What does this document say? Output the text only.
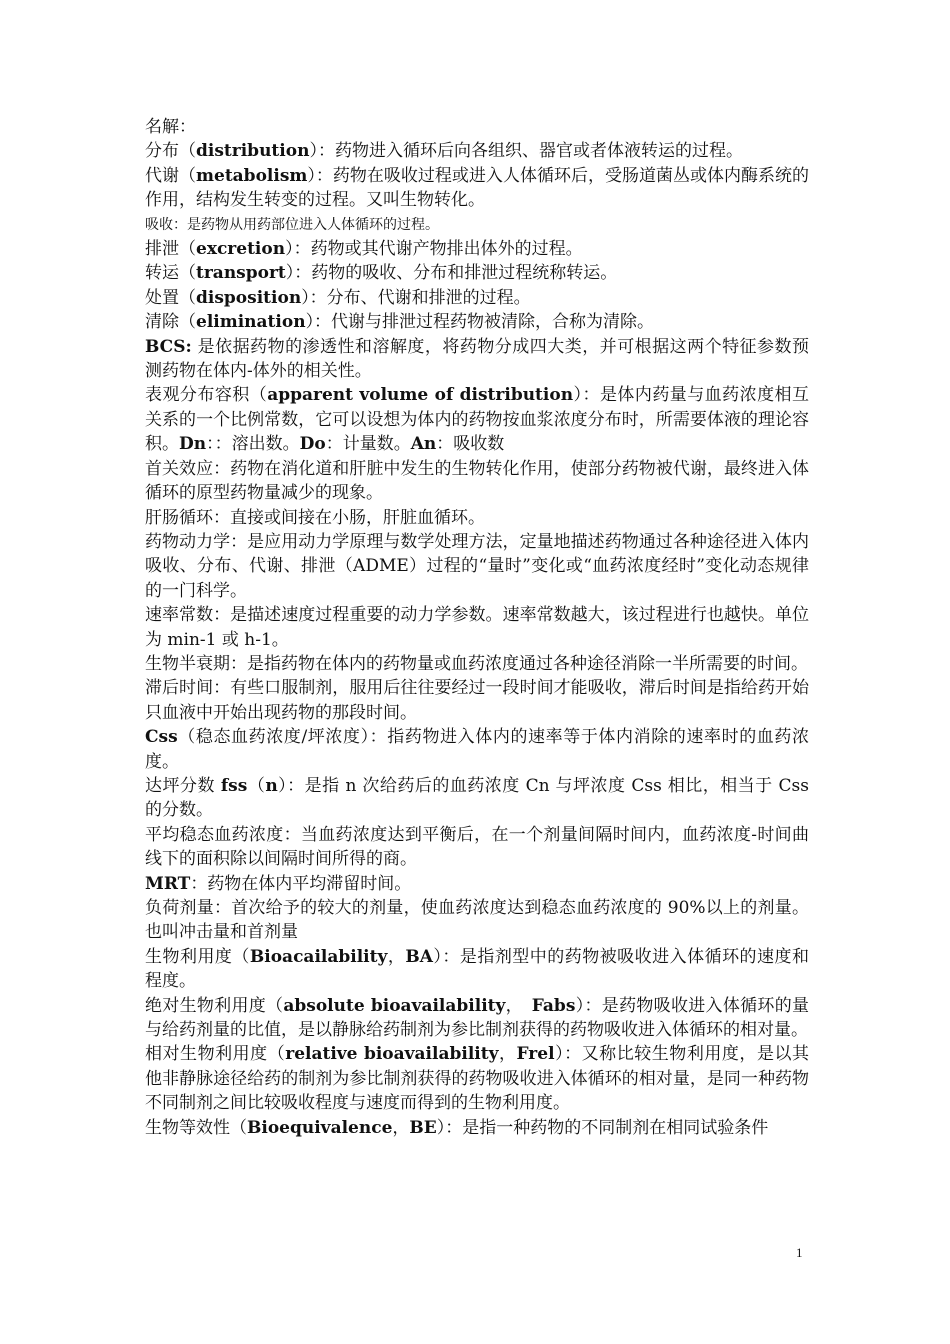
名解：

分布（distribution）：药物进入循环后向各组织、器官或者体液转运的过程。

代谢（metabolism）：药物在吸收过程或进入人体循环后，受肠道菌丛或体内酶系统的作用，结构发生转变的过程。又叫生物转化。

吸收：是药物从用药部位进入人体循环的过程。

排泄（excretion）：药物或其代谢产物排出体外的过程。

转运（transport）：药物的吸收、分布和排泄过程统称转运。

处置（disposition）：分布、代谢和排泄的过程。

清除（elimination）：代谢与排泄过程药物被清除，合称为清除。

BCS: 是依据药物的渗透性和溶解度，将药物分成四大类，并可根据这两个特征参数预测药物在体内-体外的相关性。

表观分布容积（apparent volume of distribution）：是体内药量与血药浓度相互关系的一个比例常数，它可以设想为体内的药物按血浆浓度分布时，所需要体液的理论容积。Dn：：溶出数。Do：计量数。An：吸收数

首关效应：药物在消化道和肝脏中发生的生物转化作用，使部分药物被代谢，最终进入体循环的原型药物量减少的现象。

肝肠循环：直接或间接在小肠，肝脏血循环。

药物动力学：是应用动力学原理与数学处理方法，定量地描述药物通过各种途径进入体内吸收、分布、代谢、排泄（ADME）过程的“量时”变化或“血药浓度经时”变化动态规律的一门科学。

速率常数：是描述速度过程重要的动力学参数。速率常数越大，该过程进行也越快。单位为 min-1 或 h-1。

生物半衰期：是指药物在体内的药物量或血药浓度通过各种途径消除一半所需要的时间。

滞后时间：有些口服制剂，服用后往往要经过一段时间才能吸收，滞后时间是指给药开始只血液中开始出现药物的那段时间。

Css（稳态血药浓度/坪浓度）：指药物进入体内的速率等于体内消除的速率时的血药浓度。

达坪分数 fss（n）：是指 n 次给药后的血药浓度 Cn 与坪浓度 Css 相比，相当于 Css 的分数。

平均稳态血药浓度：当血药浓度达到平衡后，在一个剂量间隔时间内，血药浓度-时间曲线下的面积除以间隔时间所得的商。

MRT：药物在体内平均滞留时间。

负荷剂量：首次给予的较大的剂量，使血药浓度达到稳态血药浓度的 90%以上的剂量。也叫冲击量和首剂量

生物利用度（Bioacailability，BA）：是指剂型中的药物被吸收进入体循环的速度和程度。

绝对生物利用度（absolute bioavailability，　Fabs）：是药物吸收进入体循环的量与给药剂量的比值，是以静脉给药制剂为参比制剂获得的药物吸收进入体循环的相对量。

相对生物利用度（relative bioavailability，Frel）：又称比较生物利用度，是以其他非静脉途径给药的制剂为参比制剂获得的药物吸收进入体循环的相对量，是同一种药物不同制剂之间比较吸收程度与速度而得到的生物利用度。

生物等效性（Bioequivalence，BE）：是指一种药物的不同制剂在相同试验条件

1
